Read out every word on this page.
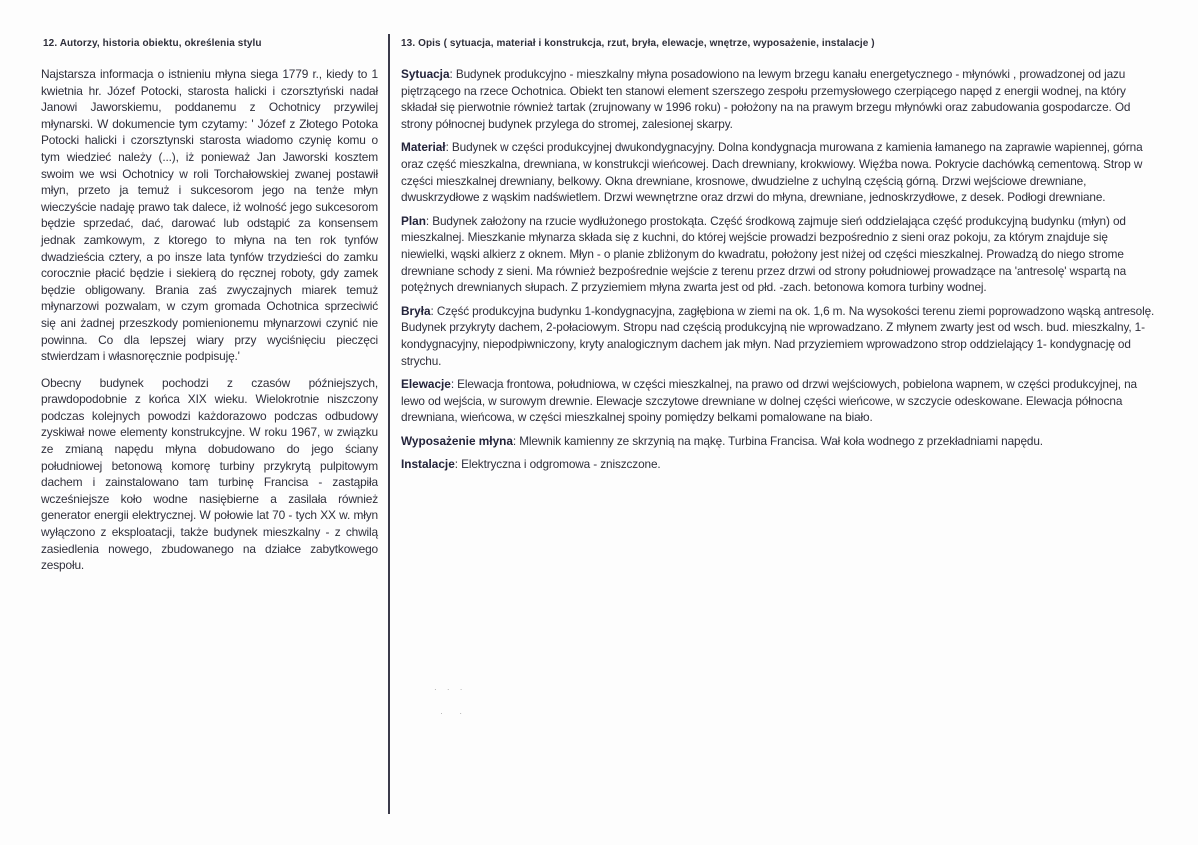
12. Autorzy, historia obiektu, określenia stylu

Najstarsza informacja o istnieniu młyna siega 1779 r., kiedy to 1 kwietnia hr. Józef Potocki, starosta halicki i czorsztyński nadał Janowi Jaworskiemu, poddanemu z Ochotnicy przywilej młynarski. W dokumencie tym czytamy: ' Józef z Złotego Potoka Potocki halicki i czorsztynski starosta wiadomo czynię komu o tym wiedzieć należy (...), iż ponieważ Jan Jaworski kosztem swoim we wsi Ochotnicy w roli Torchałowskiej zwanej postawił młyn, przeto ja temuż i sukcesorom jego na tenże młyn wieczyście nadaję prawo tak dalece, iż wolność jego sukcesorom będzie sprzedać, dać, darować lub odstąpić za konsensem jednak zamkowym, z ktorego to młyna na ten rok tynfów dwadzieścia cztery, a po insze lata tynfów trzydzieści do zamku corocznie płacić będzie i siekierą do ręcznej roboty, gdy zamek będzie obligowany. Brania zaś zwyczajnych miarek temuż młynarzowi pozwalam, w czym gromada Ochotnica sprzeciwić się ani żadnej przeszkody pomienionemu młynarzowi czynić nie powinna. Co dla lepszej wiary przy wyciśnięciu pieczęci stwierdzam i własnoręcznie podpisuję.'

Obecny budynek pochodzi z czasów późniejszych, prawdopodobnie z końca XIX wieku. Wielokrotnie niszczony podczas kolejnych powodzi każdorazowo podczas odbudowy zyskiwał nowe elementy konstrukcyjne. W roku 1967, w związku ze zmianą napędu młyna dobudowano do jego ściany południowej betonową komorę turbiny przykrytą pulpitowym dachem i zainstalowano tam turbinę Francisa - zastąpiła wcześniejsze koło wodne nasiębierne a zasilała również generator energii elektrycznej. W połowie lat 70 - tych XX w. młyn wyłączono z eksploatacji, także budynek mieszkalny - z chwilą zasiedlenia nowego, zbudowanego na działce zabytkowego zespołu.

13. Opis ( sytuacja, materiał i konstrukcja, rzut, bryła, elewacje, wnętrze, wyposażenie, instalacje )

Sytuacja: Budynek produkcyjno - mieszkalny młyna posadowiono na lewym brzegu kanału energetycznego - młynówki , prowadzonej od jazu piętrzącego na rzece Ochotnica. Obiekt ten stanowi element szerszego zespołu przemysłowego czerpiącego napęd z energii wodnej, na który składał się pierwotnie również tartak (zrujnowany w 1996 roku) - położony na na prawym brzegu młynówki oraz zabudowania gospodarcze. Od strony północnej budynek przylega do stromej, zalesionej skarpy.

Materiał: Budynek w części produkcyjnej dwukondygnacyjny. Dolna kondygnacja murowana z kamienia łamanego na zaprawie wapiennej, górna oraz część mieszkalna, drewniana, w konstrukcji wieńcowej. Dach drewniany, krokwiowy. Więźba nowa. Pokrycie dachówką cementową. Strop w części mieszkalnej drewniany, belkowy. Okna drewniane, krosnowe, dwudzielne z uchylną częścią górną. Drzwi wejściowe drewniane, dwuskrzydłowe z wąskim nadświetlem. Drzwi wewnętrzne oraz drzwi do młyna, drewniane, jednoskrzydłowe, z desek. Podłogi drewniane.

Plan: Budynek założony na rzucie wydłużonego prostokąta. Część środkową zajmuje sień oddzielająca część produkcyjną budynku (młyn) od mieszkalnej. Mieszkanie młynarza składa się z kuchni, do której wejście prowadzi bezpośrednio z sieni oraz pokoju, za którym znajduje się niewielki, wąski alkierz z oknem. Młyn - o planie zbliżonym do kwadratu, położony jest niżej od części mieszkalnej. Prowadzą do niego strome drewniane schody z sieni. Ma również bezpośrednie wejście z terenu przez drzwi od strony południowej prowadzące na 'antresolę' wspartą na potężnych drewnianych słupach. Z przyziemiem młyna zwarta jest od płd. -zach. betonowa komora turbiny wodnej.

Bryła: Część produkcyjna budynku 1-kondygnacyjna, zagłębiona w ziemi na ok. 1,6 m. Na wysokości terenu ziemi poprowadzono wąską antresolę. Budynek przykryty dachem, 2-połaciowym. Stropu nad częścią produkcyjną nie wprowadzano. Z młynem zwarty jest od wsch. bud. mieszkalny, 1-kondygnacyjny, niepodpiwniczony, kryty analogicznym dachem jak młyn. Nad przyziemiem wprowadzono strop oddzielający 1- kondygnację od strychu.

Elewacje: Elewacja frontowa, południowa, w części mieszkalnej, na prawo od drzwi wejściowych, pobielona wapnem, w części produkcyjnej, na lewo od wejścia, w surowym drewnie. Elewacje szczytowe drewniane w dolnej części wieńcowe, w szczycie odeskowane. Elewacja północna drewniana, wieńcowa, w części mieszkalnej spoiny pomiędzy belkami pomalowane na biało.

Wyposażenie młyna: Mlewnik kamienny ze skrzynią na mąkę. Turbina Francisa. Wał koła wodnego z przekładniami napędu.

Instalacje: Elektryczna i odgromowa - zniszczone.

· · ·
·  ·
